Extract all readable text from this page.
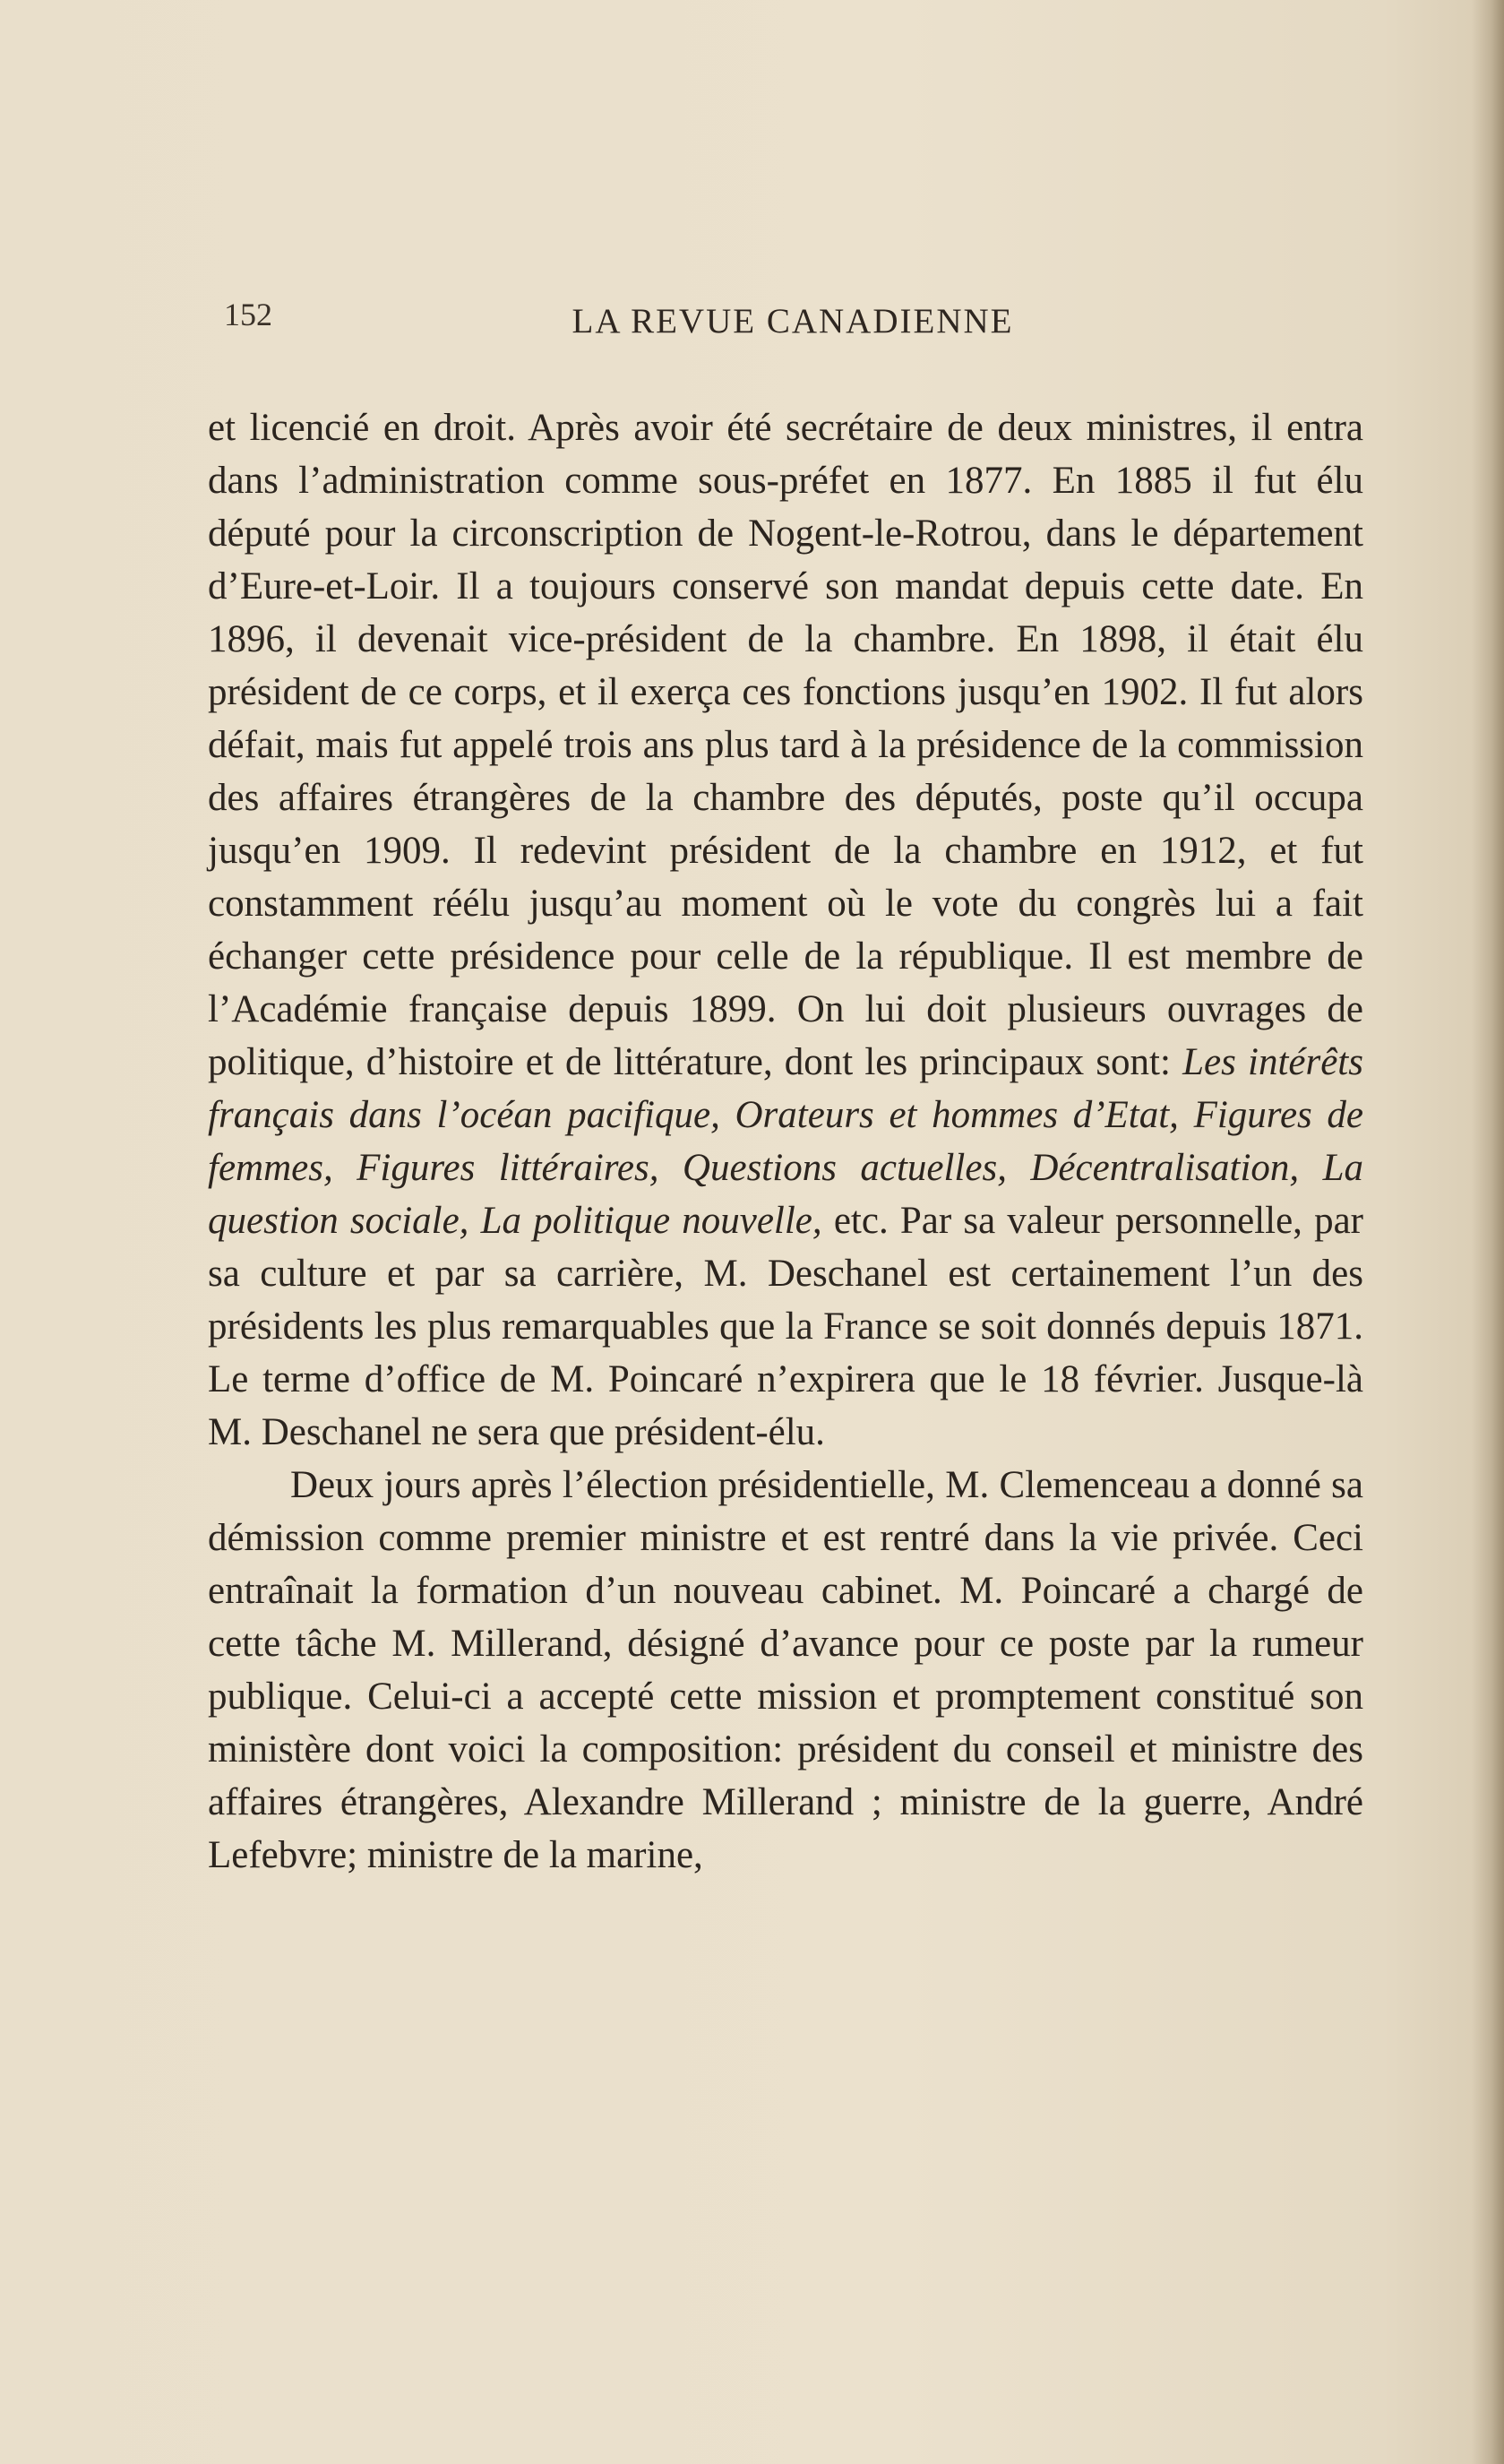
152	LA REVUE CANADIENNE

et licencié en droit. Après avoir été secrétaire de deux ministres, il entra dans l’administration comme sous-préfet en 1877. En 1885 il fut élu député pour la circonscription de Nogent-le-Rotrou, dans le département d’Eure-et-Loir. Il a toujours conservé son mandat depuis cette date. En 1896, il devenait vice-président de la chambre. En 1898, il était élu président de ce corps, et il exerça ces fonctions jusqu’en 1902. Il fut alors défait, mais fut appelé trois ans plus tard à la présidence de la commission des affaires étrangères de la chambre des députés, poste qu’il occupa jusqu’en 1909. Il redevint président de la chambre en 1912, et fut constamment réélu jusqu’au moment où le vote du congrès lui a fait échanger cette présidence pour celle de la république. Il est membre de l’Académie française depuis 1899. On lui doit plusieurs ouvrages de politique, d’histoire et de littérature, dont les principaux sont: Les intérêts français dans l’océan pacifique, Orateurs et hommes d’Etat, Figures de femmes, Figures littéraires, Questions actuelles, Décentralisation, La question sociale, La politique nouvelle, etc. Par sa valeur personnelle, par sa culture et par sa carrière, M. Deschanel est certainement l’un des présidents les plus remarquables que la France se soit donnés depuis 1871. Le terme d’office de M. Poincaré n’expirera que le 18 février. Jusque-là M. Deschanel ne sera que président-élu.

Deux jours après l’élection présidentielle, M. Clemenceau a donné sa démission comme premier ministre et est rentré dans la vie privée. Ceci entraînait la formation d’un nouveau cabinet. M. Poincaré a chargé de cette tâche M. Millerand, désigné d’avance pour ce poste par la rumeur publique. Celui-ci a accepté cette mission et promptement constitué son ministère dont voici la composition: président du conseil et ministre des affaires étrangères, Alexandre Millerand ; ministre de la guerre, André Lefebvre; ministre de la marine,
